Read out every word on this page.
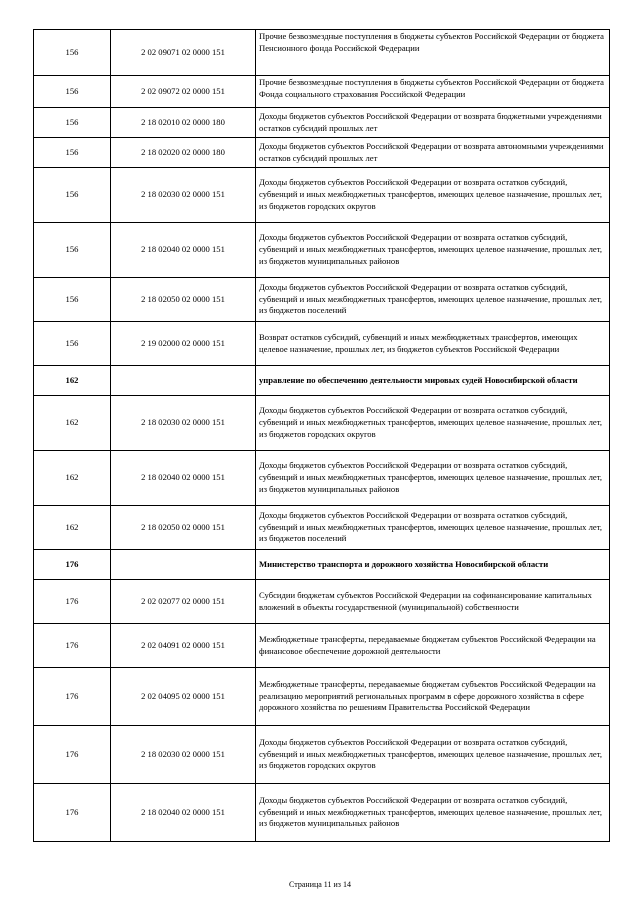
156	2 02 09071 02 0000 151	Прочие безвозмездные поступления в бюджеты субъектов Российской Федерации от бюджета Пенсионного фонда Российской Федерации
156	2 02 09072 02 0000 151	Прочие безвозмездные поступления в бюджеты субъектов Российской Федерации от бюджета Фонда социального страхования Российской Федерации
156	2 18 02010 02 0000 180	Доходы бюджетов субъектов Российской Федерации от возврата бюджетными учреждениями остатков субсидий прошлых лет
156	2 18 02020 02 0000 180	Доходы бюджетов субъектов Российской Федерации от возврата автономными учреждениями остатков субсидий прошлых лет
156	2 18 02030 02 0000 151	Доходы бюджетов субъектов Российской Федерации от возврата остатков субсидий, субвенций и иных межбюджетных трансфертов, имеющих целевое назначение, прошлых лет, из бюджетов городских округов
156	2 18 02040 02 0000 151	Доходы бюджетов субъектов Российской Федерации от возврата остатков субсидий, субвенций и иных межбюджетных трансфертов, имеющих целевое назначение, прошлых лет, из бюджетов муниципальных районов
156	2 18 02050 02 0000 151	Доходы бюджетов субъектов Российской Федерации от возврата остатков субсидий, субвенций и иных межбюджетных трансфертов, имеющих целевое назначение, прошлых лет, из бюджетов поселений
156	2 19 02000 02 0000 151	Возврат остатков субсидий, субвенций и иных межбюджетных трансфертов, имеющих целевое назначение, прошлых лет, из бюджетов субъектов Российской Федерации
162		управление по обеспечению деятельности мировых судей Новосибирской области
162	2 18 02030 02 0000 151	Доходы бюджетов субъектов Российской Федерации от возврата остатков субсидий, субвенций и иных межбюджетных трансфертов, имеющих целевое назначение, прошлых лет, из бюджетов городских округов
162	2 18 02040 02 0000 151	Доходы бюджетов субъектов Российской Федерации от возврата остатков субсидий, субвенций и иных межбюджетных трансфертов, имеющих целевое назначение, прошлых лет, из бюджетов муниципальных районов
162	2 18 02050 02 0000 151	Доходы бюджетов субъектов Российской Федерации от возврата остатков субсидий, субвенций и иных межбюджетных трансфертов, имеющих целевое назначение, прошлых лет, из бюджетов поселений
176		Министерство транспорта и дорожного хозяйства Новосибирской области
176	2 02 02077 02 0000 151	Субсидии бюджетам субъектов Российской Федерации на софинансирование капитальных вложений в объекты государственной (муниципальной) собственности
176	2 02 04091 02 0000 151	Межбюджетные трансферты, передаваемые бюджетам субъектов Российской Федерации на финансовое обеспечение дорожной деятельности
176	2 02 04095 02 0000 151	Межбюджетные трансферты, передаваемые бюджетам субъектов Российской Федерации на реализацию мероприятий региональных программ в сфере дорожного хозяйства в сфере дорожного хозяйства по решениям Правительства Российской Федерации
176	2 18 02030 02 0000 151	Доходы бюджетов субъектов Российской Федерации от возврата остатков субсидий, субвенций и иных межбюджетных трансфертов, имеющих целевое назначение, прошлых лет, из бюджетов городских округов
176	2 18 02040 02 0000 151	Доходы бюджетов субъектов Российской Федерации от возврата остатков субсидий, субвенций и иных межбюджетных трансфертов, имеющих целевое назначение, прошлых лет, из бюджетов муниципальных районов
Страница 11 из 14
